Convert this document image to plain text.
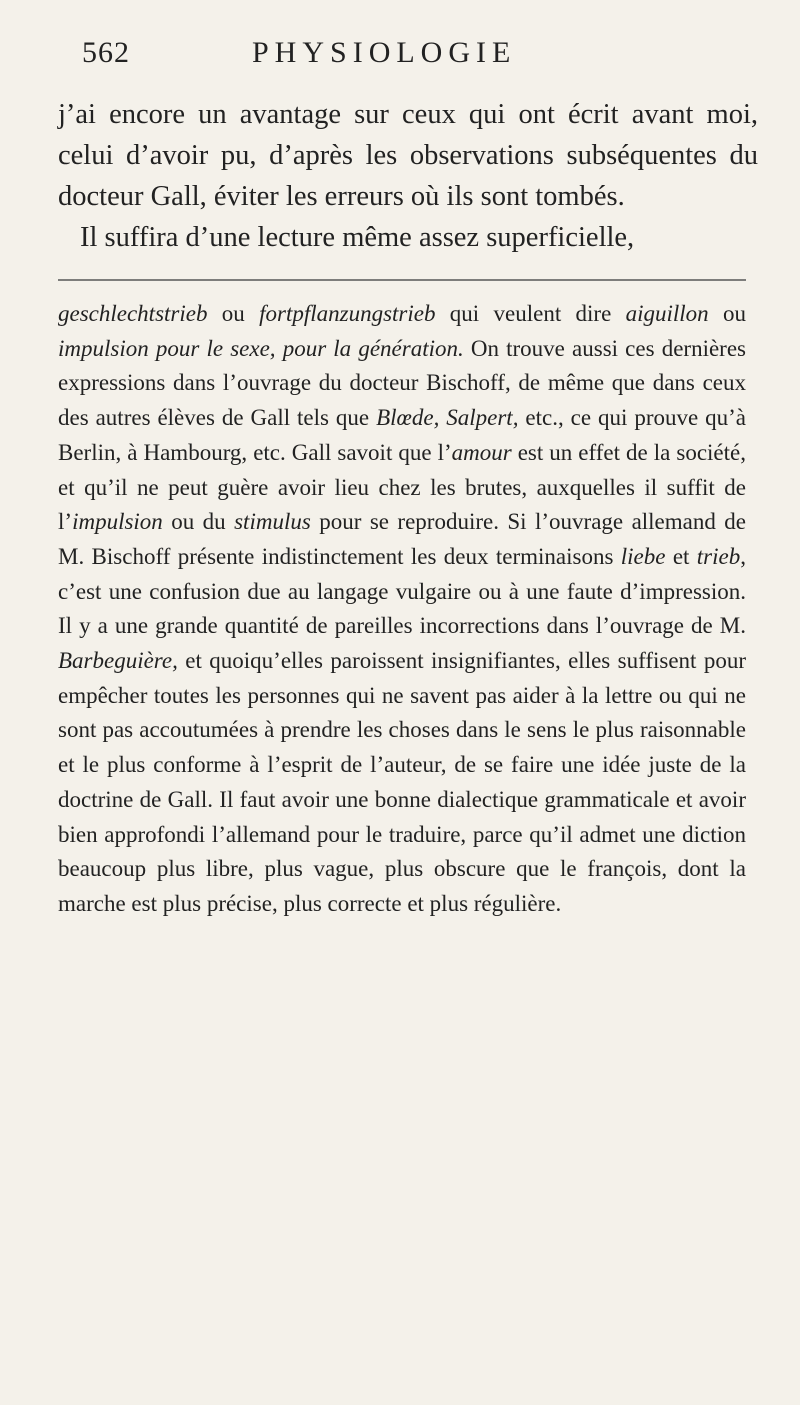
562	PHYSIOLOGIE

j’ai encore un avantage sur ceux qui ont écrit avant moi, celui d’avoir pu, d’après les observations subséquentes du docteur Gall, éviter les erreurs où ils sont tombés.

Il suffira d’une lecture même assez superficielle,

geschlechtstrieb ou fortpflanzungstrieb qui veulent dire aiguillon ou impulsion pour le sexe, pour la génération. On trouve aussi ces dernières expressions dans l’ouvrage du docteur Bischoff, de même que dans ceux des autres élèves de Gall tels que Blœde, Salpert, etc., ce qui prouve qu’à Berlin, à Hambourg, etc. Gall savoit que l’amour est un effet de la société, et qu’il ne peut guère avoir lieu chez les brutes, auxquelles il suffit de l’impulsion ou du stimulus pour se reproduire. Si l’ouvrage allemand de M. Bischoff présente indistinctement les deux terminaisons liebe et trieb, c’est une confusion due au langage vulgaire ou à une faute d’impression. Il y a une grande quantité de pareilles incorrections dans l’ouvrage de M. Barbeguière, et quoiqu’elles paroissent insignifiantes, elles suffisent pour empêcher toutes les personnes qui ne savent pas aider à la lettre ou qui ne sont pas accoutumées à prendre les choses dans le sens le plus raisonnable et le plus conforme à l’esprit de l’auteur, de se faire une idée juste de la doctrine de Gall. Il faut avoir une bonne dialectique grammaticale et avoir bien approfondi l’allemand pour le traduire, parce qu’il admet une diction beaucoup plus libre, plus vague, plus obscure que le françois, dont la marche est plus précise, plus correcte et plus régulière.
